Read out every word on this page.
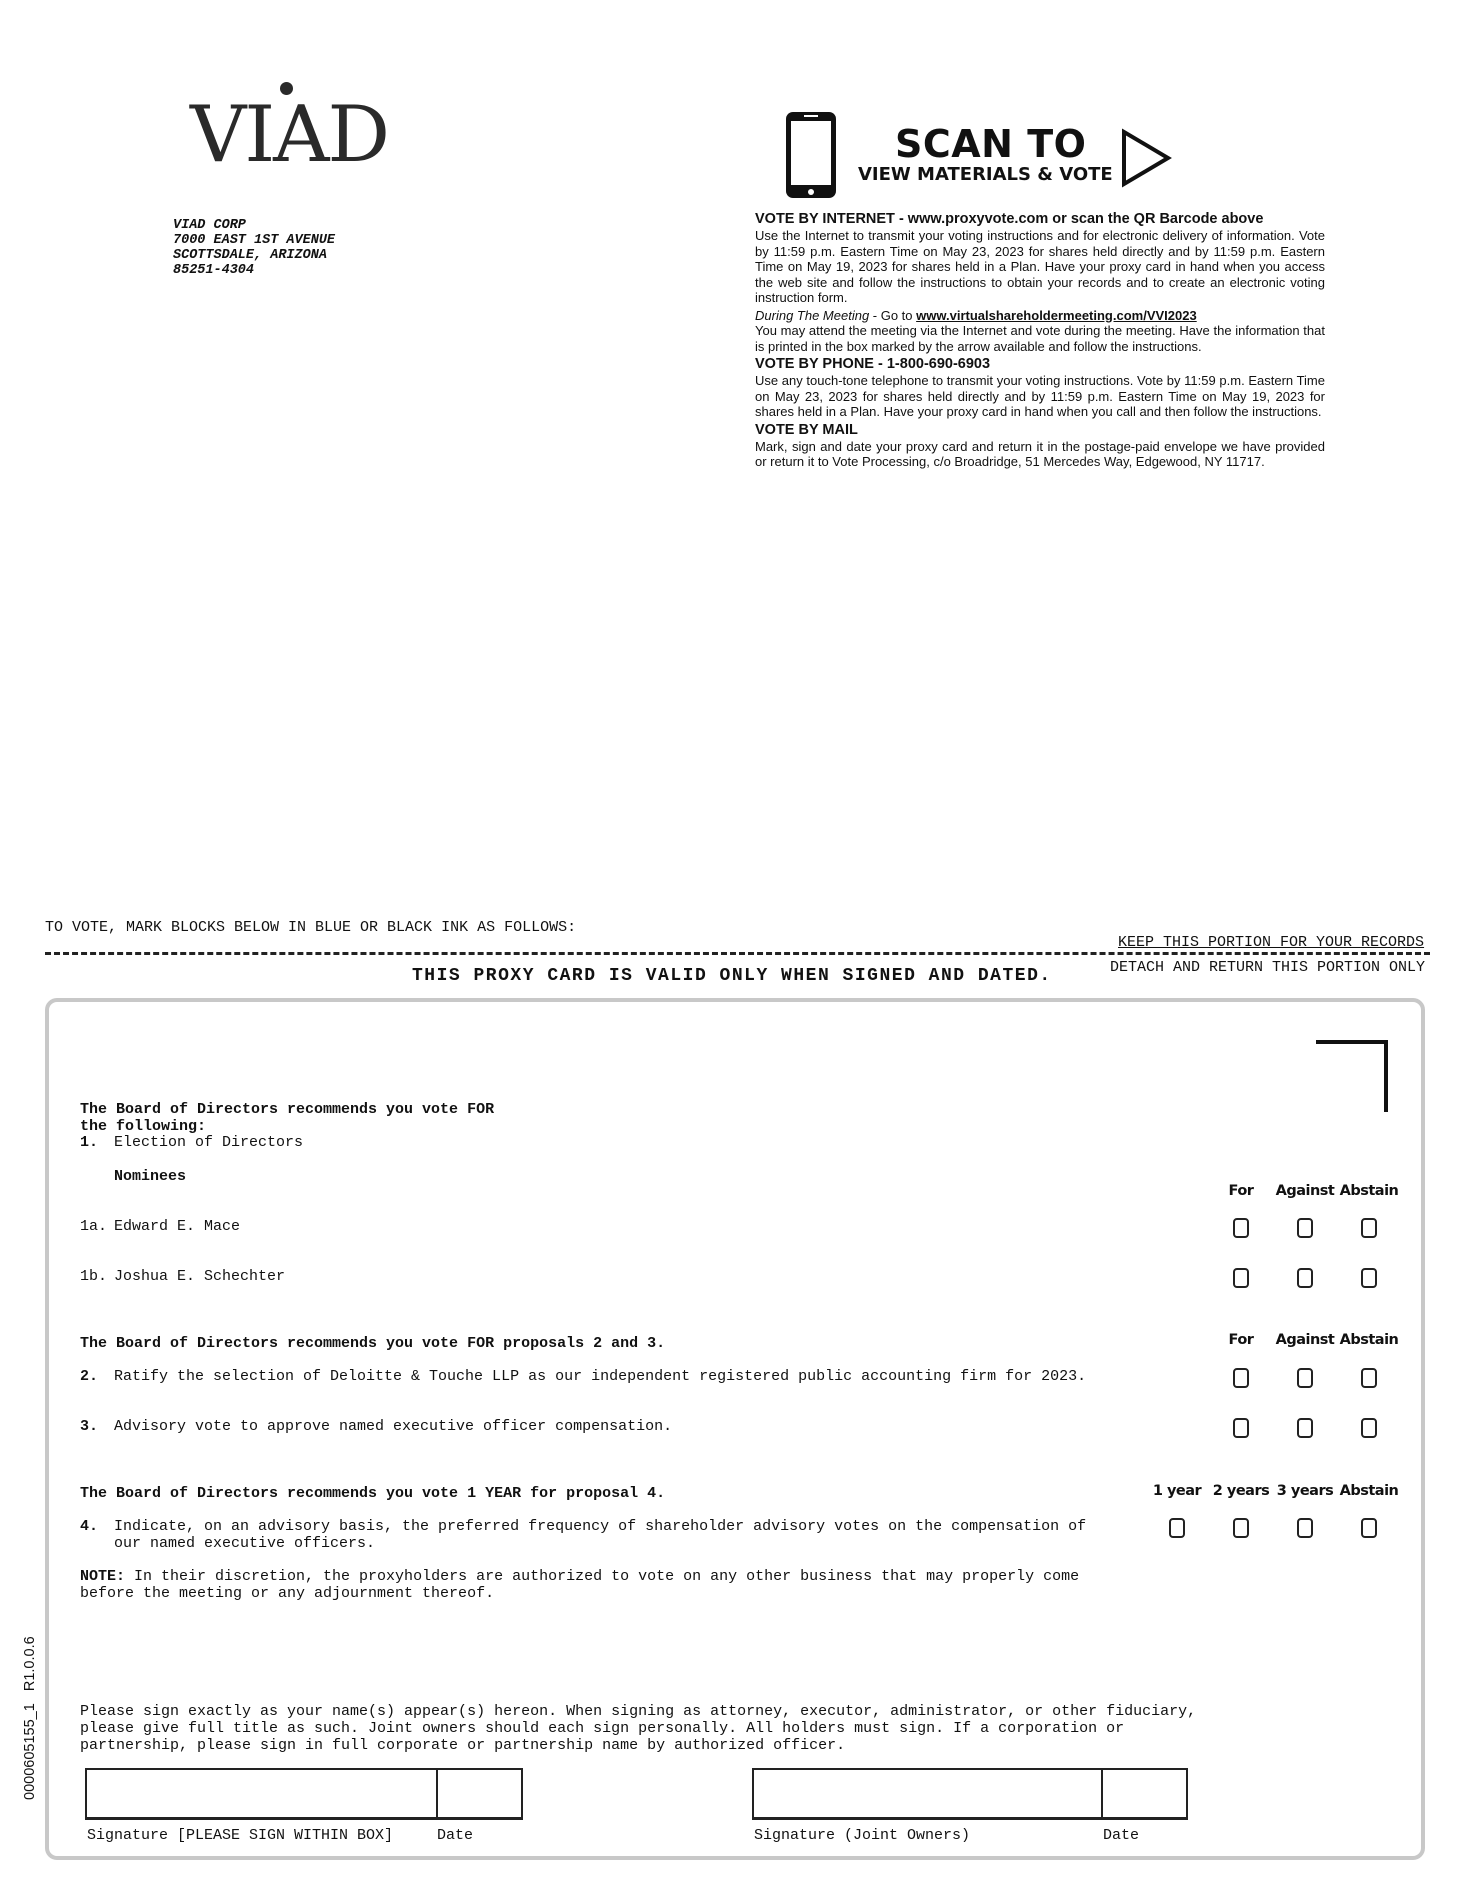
VIAD
VIAD CORP
7000 EAST 1ST AVENUE
SCOTTSDALE, ARIZONA
85251-4304
SCAN TO
VIEW MATERIALS & VOTE
VOTE BY INTERNET - www.proxyvote.com or scan the QR Barcode above

Use the Internet to transmit your voting instructions and for electronic delivery of information. Vote by 11:59 p.m. Eastern Time on May 23, 2023 for shares held directly and by 11:59 p.m. Eastern Time on May 19, 2023 for shares held in a Plan. Have your proxy card in hand when you access the web site and follow the instructions to obtain your records and to create an electronic voting instruction form.

During The Meeting - Go to www.virtualshareholdermeeting.com/VVI2023

You may attend the meeting via the Internet and vote during the meeting. Have the information that is printed in the box marked by the arrow available and follow the instructions.

VOTE BY PHONE - 1-800-690-6903

Use any touch-tone telephone to transmit your voting instructions. Vote by 11:59 p.m. Eastern Time on May 23, 2023 for shares held directly and by 11:59 p.m. Eastern Time on May 19, 2023 for shares held in a Plan. Have your proxy card in hand when you call and then follow the instructions.

VOTE BY MAIL

Mark, sign and date your proxy card and return it in the postage-paid envelope we have provided or return it to Vote Processing, c/o Broadridge, 51 Mercedes Way, Edgewood, NY 11717.

TO VOTE, MARK BLOCKS BELOW IN BLUE OR BLACK INK AS FOLLOWS:
KEEP THIS PORTION FOR YOUR RECORDS
DETACH AND RETURN THIS PORTION ONLY
THIS PROXY CARD IS VALID ONLY WHEN SIGNED AND DATED.
The Board of Directors recommends you vote FOR
the following:
1. Election of Directors
Nominees
For	Against Abstain
1a. Edward E. Mace
1b. Joshua E. Schechter
The Board of Directors recommends you vote FOR proposals 2 and 3.	For	Against Abstain
2. Ratify the selection of Deloitte & Touche LLP as our independent registered public accounting firm for 2023.
3. Advisory vote to approve named executive officer compensation.
The Board of Directors recommends you vote 1 YEAR for proposal 4.	1 year 2 years 3 years Abstain
4. Indicate, on an advisory basis, the preferred frequency of shareholder advisory votes on the compensation of
our named executive officers.
NOTE: In their discretion, the proxyholders are authorized to vote on any other business that may properly come
before the meeting or any adjournment thereof.
Please sign exactly as your name(s) appear(s) hereon. When signing as attorney, executor, administrator, or other fiduciary,
please give full title as such. Joint owners should each sign personally. All holders must sign. If a corporation or
partnership, please sign in full corporate or partnership name by authorized officer.
Signature [PLEASE SIGN WITHIN BOX]	Date	Signature (Joint Owners)	Date
0000605155_1   R1.0.0.6
